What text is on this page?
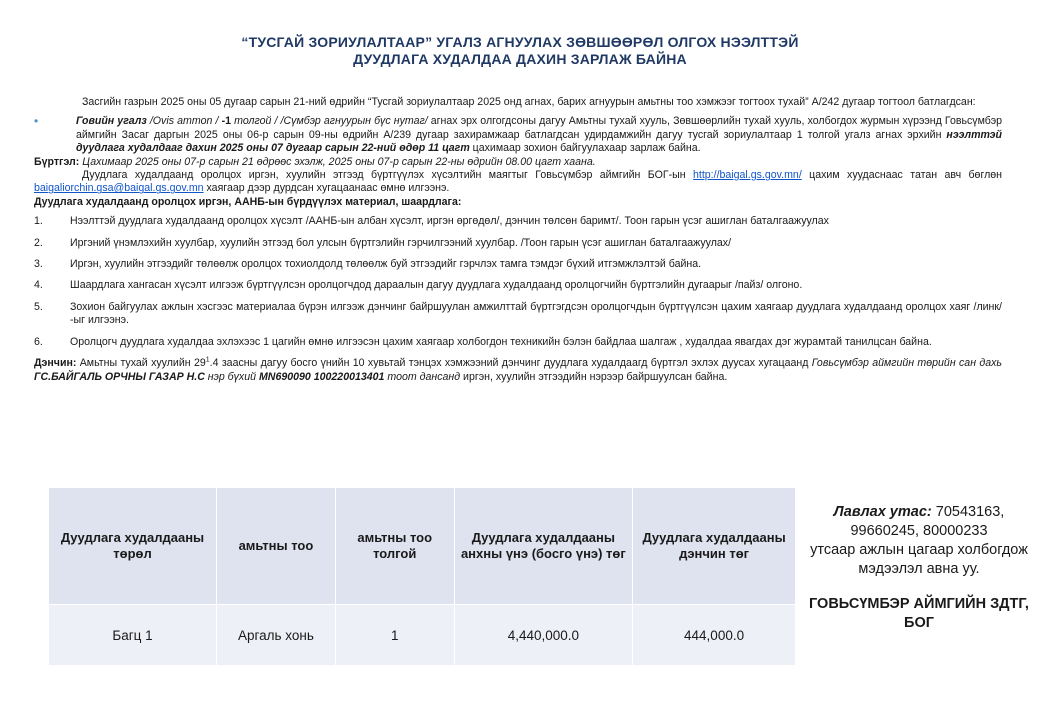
“ТУСГАЙ ЗОРИУЛАЛТААР” УГАЛЗ АГНУУЛАХ ЗӨВШӨӨРӨЛ ОЛГОХ НЭЭЛТТЭЙ
ДУУДЛАГА ХУДАЛДАА ДАХИН ЗАРЛАЖ БАЙНА

Засгийн газрын 2025 оны 05 дугаар сарын 21-ний өдрийн “Тусгай зориулалтаар 2025 онд агнах, барих агнуурын амьтны тоо хэмжээг тогтоох тухай” А/242 дугаар тогтоол батлагдсан:

•	Говийн угалз /Ovis ammon / -1 толгой / /Сүмбэр агнуурын бүс нутаг/ агнах эрх олгогдсоны дагуу Амьтны тухай хууль, Зөвшөөрлийн тухай хууль, холбогдох журмын хүрээнд Говьсүмбэр аймгийн Засаг даргын 2025 оны 06-р сарын 09-ны өдрийн А/239 дугаар захирамжаар батлагдсан удирдамжийн дагуу тусгай зориулалтаар 1 толгой угалз агнах эрхийн нээлттэй дуудлага худалдааг дахин 2025 оны 07 дугаар сарын 22-ний өдөр 11 цагт цахимаар зохион байгуулахаар зарлаж байна.

Бүртгэл: Цахимаар 2025 оны 07-р сарын 21 өдрөөс эхэлж, 2025 оны 07-р сарын 22-ны өдрийн 08.00 цагт хаана.

Дуудлага худалдаанд оролцох иргэн, хуулийн этгээд бүртгүүлэх хүсэлтийн маягтыг Говьсүмбэр аймгийн БОГ-ын http://baigal.gs.gov.mn/ цахим хуудаснаас татан авч бөглөн baigaliorchin.gsa@baigal.gs.gov.mn хаягаар дээр дурдсан хугацаанаас өмнө илгээнэ.

Дуудлага худалдаанд оролцох иргэн, ААНБ-ын бүрдүүлэх материал, шаардлага:

1.	Нээлттэй дуудлага худалдаанд оролцох хүсэлт /ААНБ-ын албан хүсэлт, иргэн өргөдөл/, дэнчин төлсөн баримт/. Тоон гарын үсэг ашиглан баталгаажуулах
2.	Иргэний үнэмлэхийн хуулбар, хуулийн этгээд бол улсын бүртгэлийн гэрчилгээний хуулбар. /Тоон гарын үсэг ашиглан баталгаажуулах/
3.	Иргэн, хуулийн этгээдийг төлөөлж оролцох тохиолдолд төлөөлж буй этгээдийг гэрчлэх тамга тэмдэг бүхий итгэмжлэлтэй байна.
4.	Шаардлага хангасан хүсэлт илгээж бүртгүүлсэн оролцогчдод дараалын дагуу дуудлага худалдаанд оролцогчийн бүртгэлийн дугаарыг /пайз/ олгоно.
5.	Зохион байгуулах ажлын хэсгээс материалаа бүрэн илгээж дэнчинг байршуулан амжилттай бүртгэгдсэн оролцогчдын бүртгүүлсэн цахим хаягаар дуудлага худалдаанд оролцох хаяг /линк/ -ыг илгээнэ.
6.	Оролцогч дуудлага худалдаа эхлэхээс 1 цагийн өмнө илгээсэн цахим хаягаар холбогдон техникийн бэлэн байдлаа шалгаж , худалдаа явагдах дэг журамтай танилцсан байна.

Дэнчин: Амьтны тухай хуулийн $29^1.4$ заасны дагуу босго үнийн 10 хувьтай тэнцэх хэмжээний дэнчинг дуудлага худалдаагд бүртгэл эхлэх дуусах хугацаанд Говьсүмбэр аймгийн төрийн сан дахь ГС.БАЙГАЛЬ ОРЧНЫ ГАЗАР Н.С нэр бүхий MN690090 100220013401 тоот дансанд иргэн, хуулийн этгээдийн нэрээр байршуулсан байна.

Дуудлага худалдааны төрөл	амьтны тоо	амьтны тоо толгой	Дуудлага худалдааны анхны үнэ (босго үнэ) төг	Дуудлага худалдааны дэнчин төг
Багц 1	Аргаль хонь	1	4,440,000.0	444,000.0
Лавлах утас: 70543163, 99660245, 80000233
утсаар ажлын цагаар холбогдож мэдээлэл авна уу.
ГОВЬСҮМБЭР АЙМГИЙН ЗДТГ, БОГ
